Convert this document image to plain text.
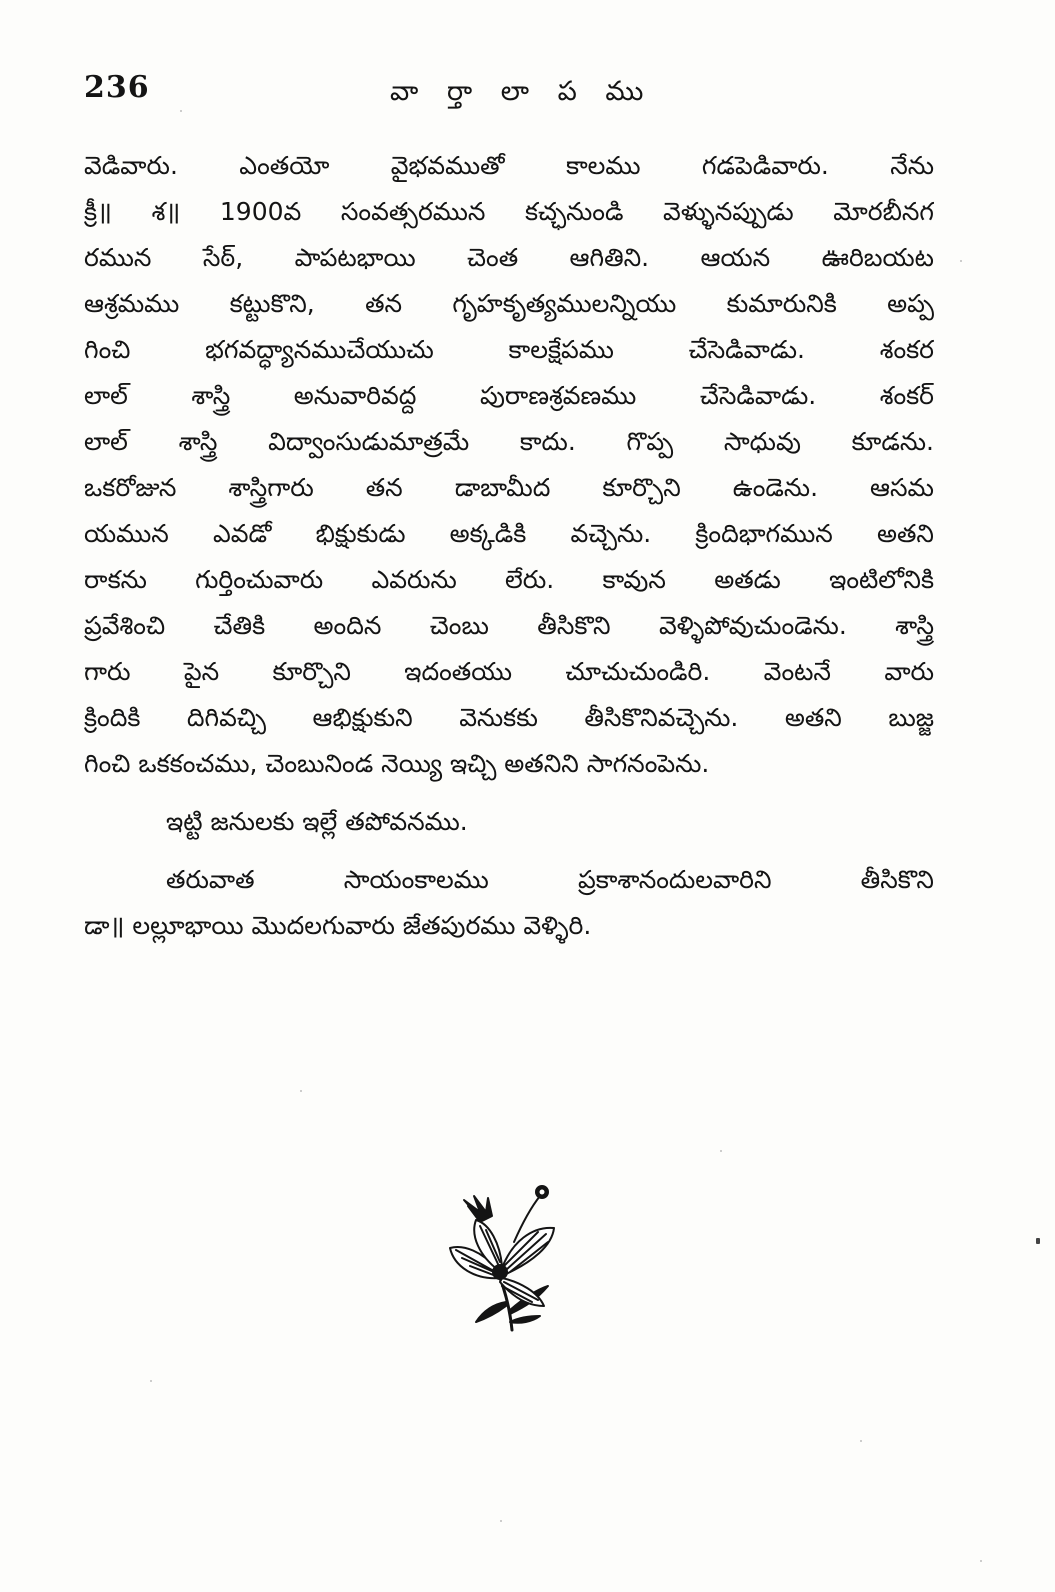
236	వా ర్తా లా ప ము
వెడివారు. ఎంతయో వైభవముతో కాలము గడపెడివారు. నేను
క్రీ॥ శ॥ 1900వ సంవత్సరమున కచ్ఛనుండి వెళ్ళునప్పుడు మోరబీనగ
రమున సేఠ్, పాపటభాయి చెంత ఆగితిని. ఆయన ఊరిబయట
ఆశ్రమము కట్టుకొని, తన గృహకృత్యములన్నియు కుమారునికి అప్ప
గించి భగవద్ధ్యానముచేయుచు కాలక్షేపము చేసెడివాడు. శంకర
లాల్ శాస్త్రి అనువారివద్ద పురాణశ్రవణము చేసెడివాడు. శంకర్
లాల్ శాస్త్రి విద్వాంసుడుమాత్రమే కాదు. గొప్ప సాధువు కూడను.
ఒకరోజున శాస్త్రిగారు తన డాబామీద కూర్చొని ఉండెను. ఆసమ
యమున ఎవడో భిక్షుకుడు అక్కడికి వచ్చెను. క్రిందిభాగమున అతని
రాకను గుర్తించువారు ఎవరును లేరు. కావున అతడు ఇంటిలోనికి
ప్రవేశించి చేతికి అందిన చెంబు తీసికొని వెళ్ళిపోవుచుండెను. శాస్త్రి
గారు పైన కూర్చొని ఇదంతయు చూచుచుండిరి. వెంటనే వారు
క్రిందికి దిగివచ్చి ఆభిక్షుకుని వెనుకకు తీసికొనివచ్చెను. అతని బుజ్జ
గించి ఒకకంచము, చెంబునిండ నెయ్యి ఇచ్చి అతనిని సాగనంపెను.
ఇట్టి జనులకు ఇల్లే తపోవనము.
తరువాత సాయంకాలము ప్రకాశానందులవారిని తీసికొని
డా॥ లల్లూభాయి మొదలగువారు జేతపురము వెళ్ళిరి.
